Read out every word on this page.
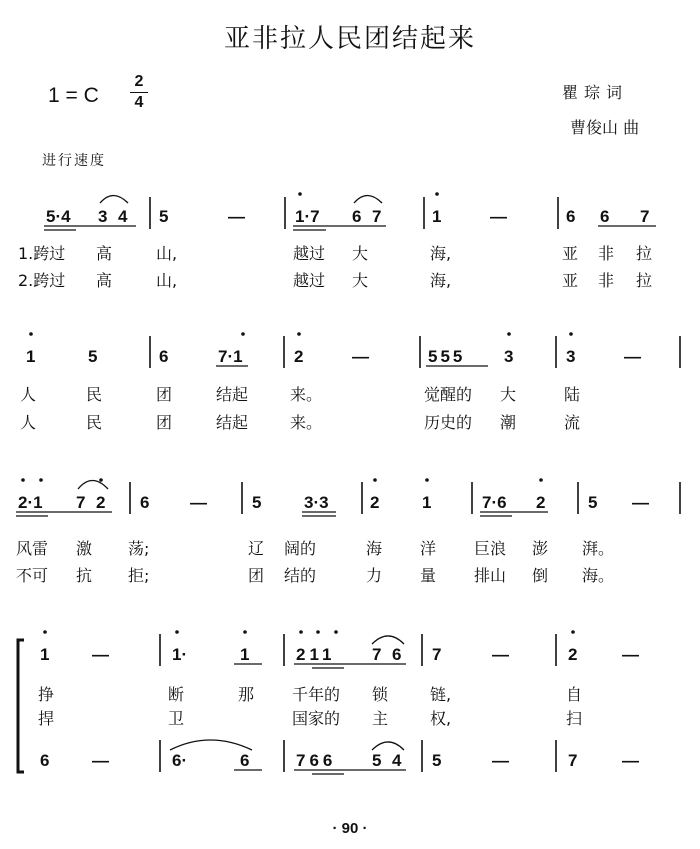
亚非拉人民团结起来
1 = C
2
4
瞿琮词
曹俊山 曲
进行速度
5·4 3 4 5	—	1·7 6 7	1	—	6 6 7
1.跨过 高	山,	越过 大	海,	亚 非 拉
2.跨过 高	山,	越过 大	海,	亚 非 拉
1	5	6	7·1	2	—	555 3	3	—
人	民	团	结起	来。	觉醒的 大	陆
人	民	团	结起	来。	历史的 潮	流
2·1 7 2 6 —	5	3·3 2	1	7·6 2	5 —
风雷 激 荡;	辽 阔的	海 洋 巨浪 澎 湃。
不可 抗 拒;	团 结的	力 量 排山 倒 海。
1	—	1·	1	211 7 6 7	—	2	—
挣	断	那 千年的 锁	链,	自
捍	卫	国家的 主	权,	扫
6	—	6·	6	766 5 4 5	—	7	—
· 90 ·
